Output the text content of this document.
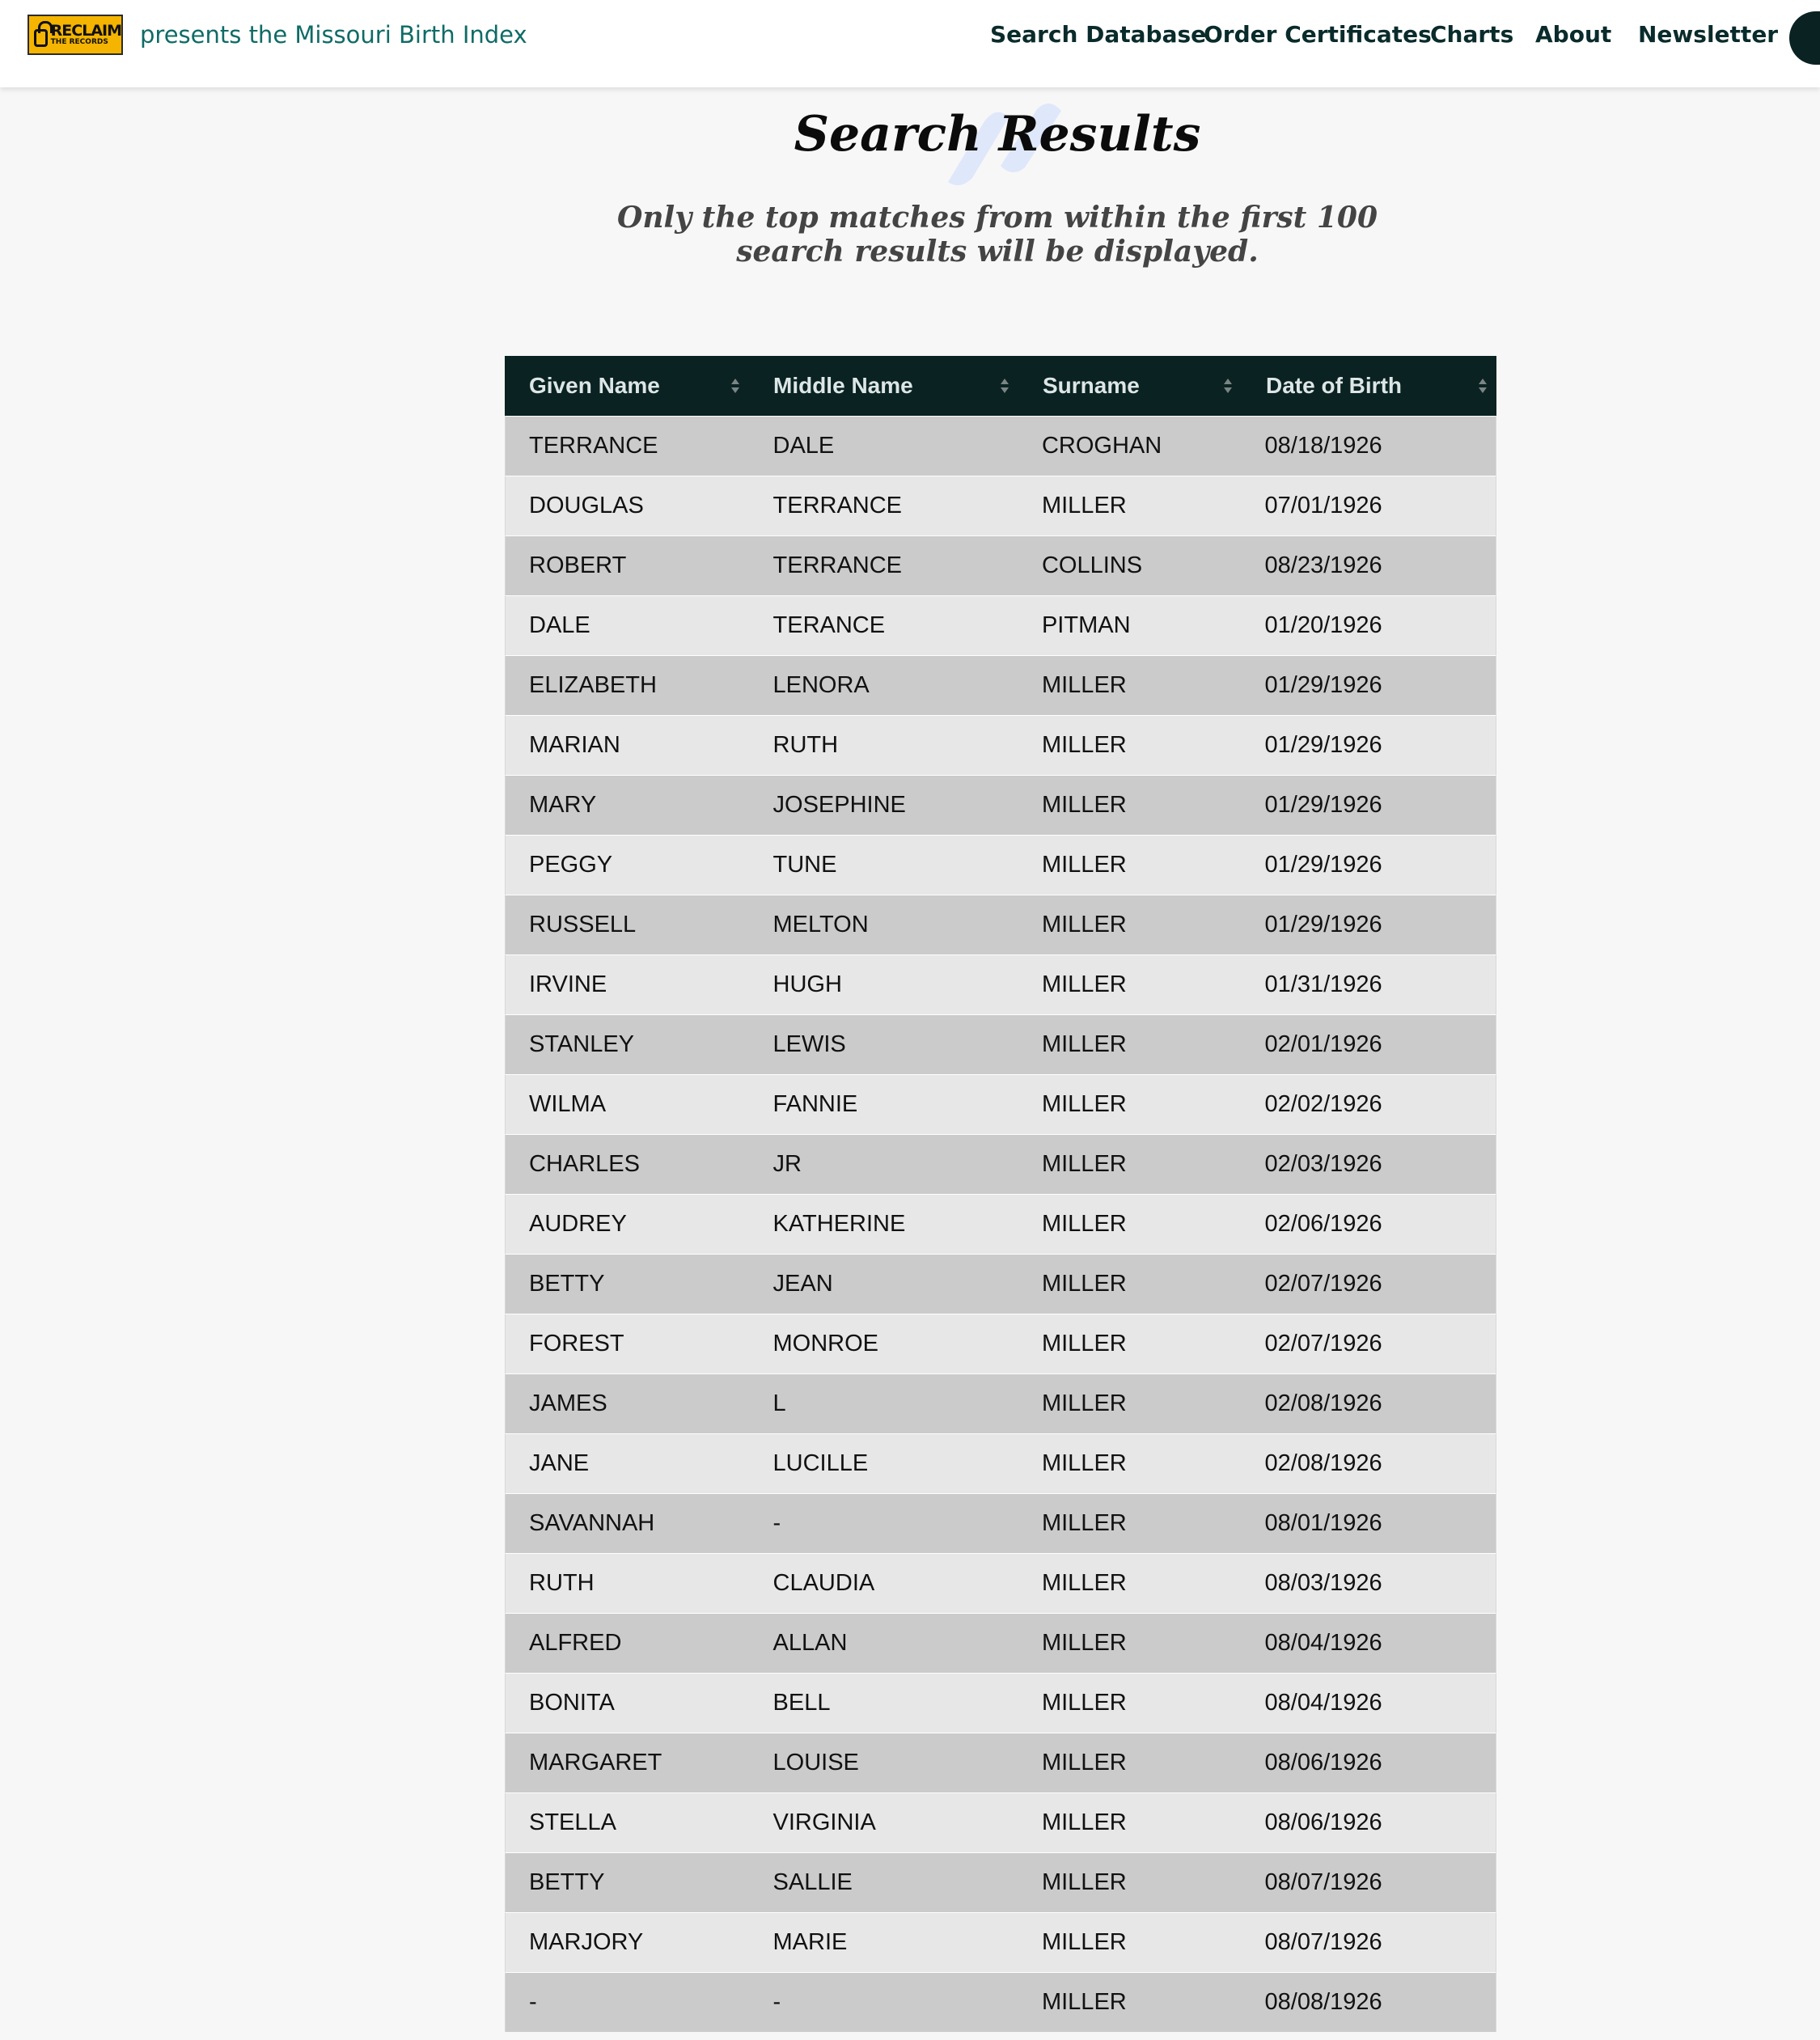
RECLAIM
THE RECORDS	presents the Missouri Birth Index	Search Database
Order Certificates
Charts About Newsletter
Search Results
Only the top matches from within the first 100
search results will be displayed.
Given Name	Middle Name	Surname	Date of Birth
TERRANCE	DALE	CROGHAN	08/18/1926
DOUGLAS	TERRANCE	MILLER	07/01/1926
ROBERT	TERRANCE	COLLINS	08/23/1926
DALE	TERANCE	PITMAN	01/20/1926
ELIZABETH	LENORA	MILLER	01/29/1926
MARIAN	RUTH	MILLER	01/29/1926
MARY	JOSEPHINE	MILLER	01/29/1926
PEGGY	TUNE	MILLER	01/29/1926
RUSSELL	MELTON	MILLER	01/29/1926
IRVINE	HUGH	MILLER	01/31/1926
STANLEY	LEWIS	MILLER	02/01/1926
WILMA	FANNIE	MILLER	02/02/1926
CHARLES	JR	MILLER	02/03/1926
AUDREY	KATHERINE	MILLER	02/06/1926
BETTY	JEAN	MILLER	02/07/1926
FOREST	MONROE	MILLER	02/07/1926
JAMES	L	MILLER	02/08/1926
JANE	LUCILLE	MILLER	02/08/1926
SAVANNAH	-	MILLER	08/01/1926
RUTH	CLAUDIA	MILLER	08/03/1926
ALFRED	ALLAN	MILLER	08/04/1926
BONITA	BELL	MILLER	08/04/1926
MARGARET	LOUISE	MILLER	08/06/1926
STELLA	VIRGINIA	MILLER	08/06/1926
BETTY	SALLIE	MILLER	08/07/1926
MARJORY	MARIE	MILLER	08/07/1926
-	-	MILLER	08/08/1926
